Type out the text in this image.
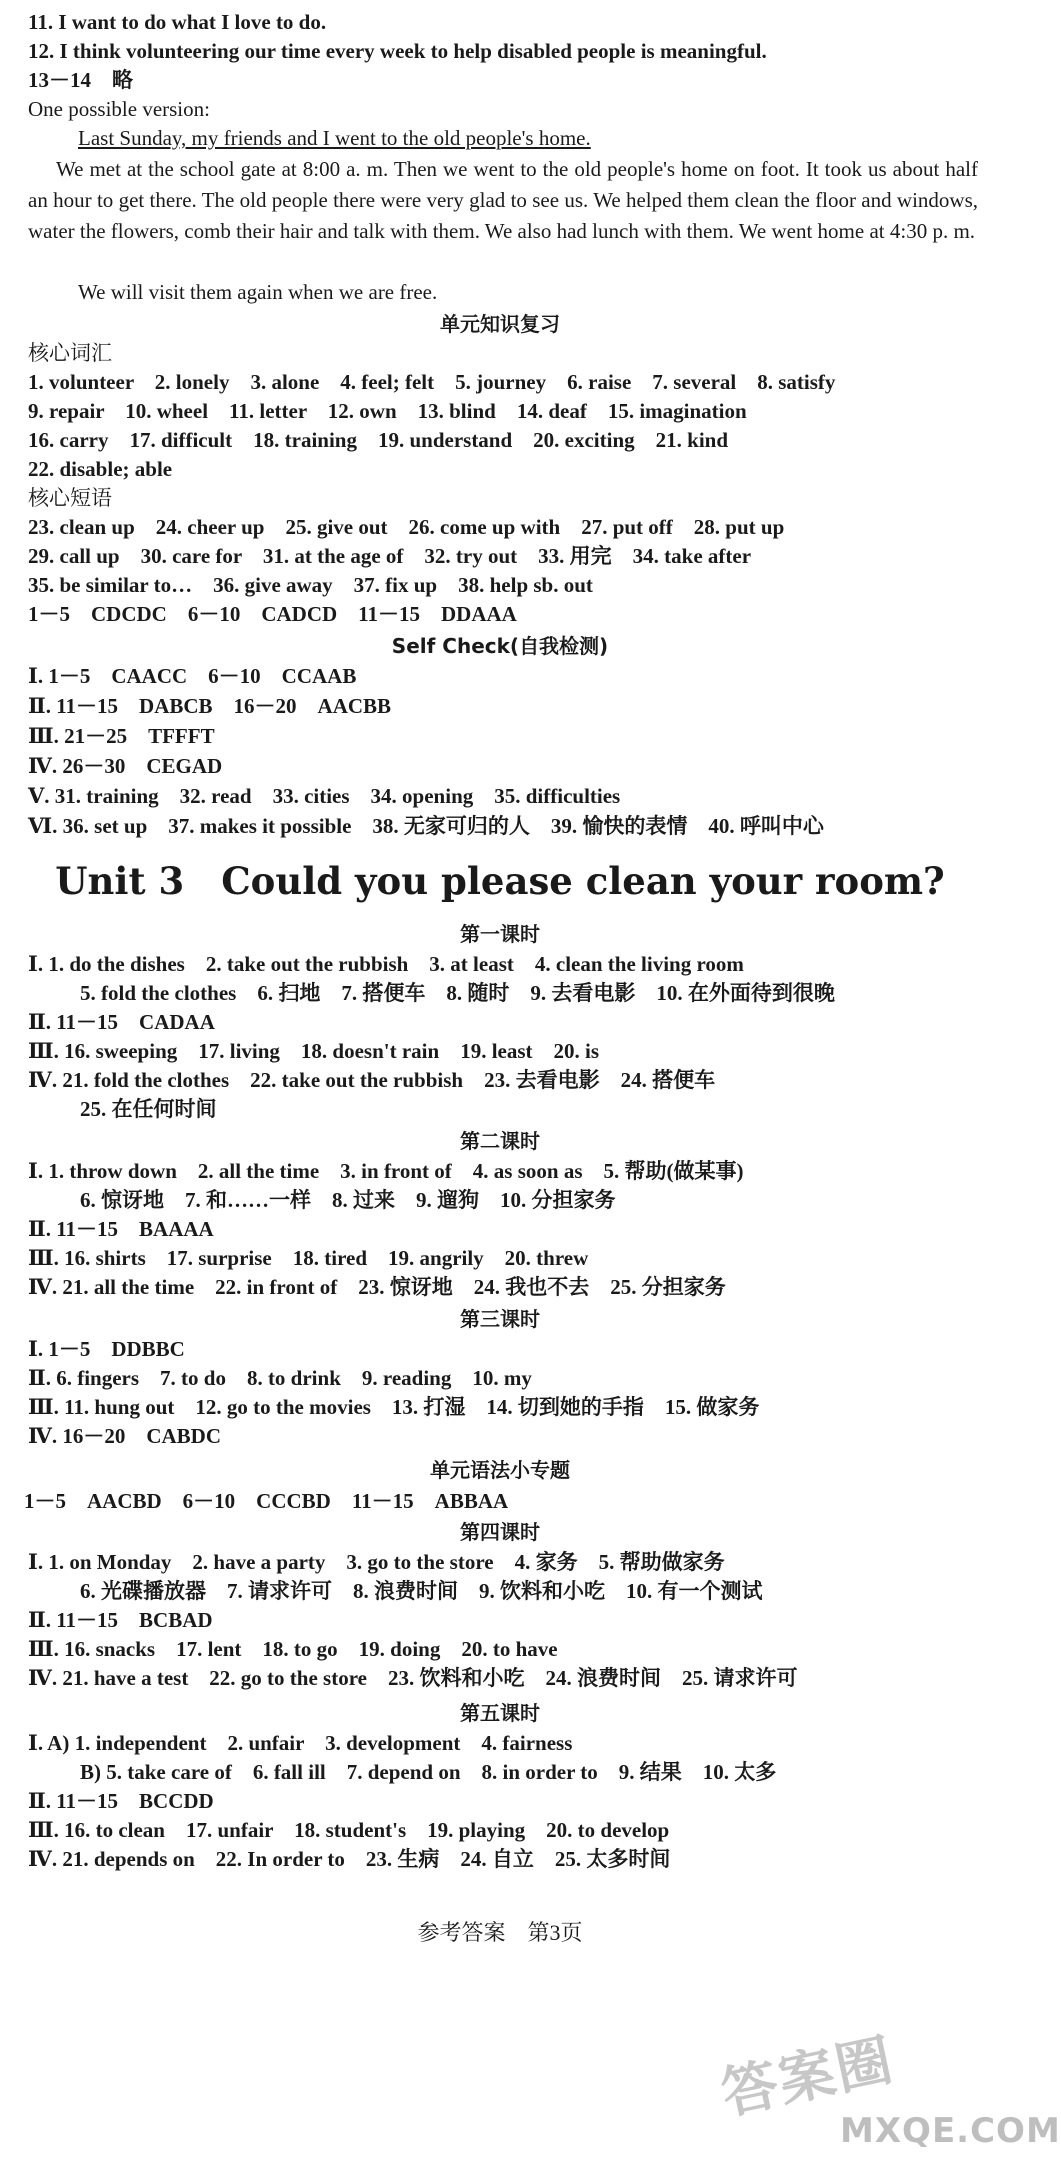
11. I want to do what I love to do.
12. I think volunteering our time every week to help disabled people is meaningful.
13－14　略
One possible version:
Last Sunday, my friends and I went to the old people's home.
We met at the school gate at 8:00 a. m. Then we went to the old people's home on foot. It took us about half an hour to get there. The old people there were very glad to see us. We helped them clean the floor and windows, water the flowers, comb their hair and talk with them. We also had lunch with them. We went home at 4:30 p. m.
We will visit them again when we are free.
单元知识复习
核心词汇
1. volunteer　2. lonely　3. alone　4. feel; felt　5. journey　6. raise　7. several　8. satisfy
9. repair　10. wheel　11. letter　12. own　13. blind　14. deaf　15. imagination
16. carry　17. difficult　18. training　19. understand　20. exciting　21. kind
22. disable; able
核心短语
23. clean up　24. cheer up　25. give out　26. come up with　27. put off　28. put up
29. call up　30. care for　31. at the age of　32. try out　33. 用完　34. take after
35. be similar to…　36. give away　37. fix up　38. help sb. out
1－5　CDCDC　6－10　CADCD　11－15　DDAAA
Self Check(自我检测)
Ⅰ. 1－5　CAACC　6－10　CCAAB
Ⅱ. 11－15　DABCB　16－20　AACBB
Ⅲ. 21－25　TFFFT
Ⅳ. 26－30　CEGAD
Ⅴ. 31. training　32. read　33. cities　34. opening　35. difficulties
Ⅵ. 36. set up　37. makes it possible　38. 无家可归的人　39. 愉快的表情　40. 呼叫中心
Unit 3　Could you please clean your room?
第一课时
Ⅰ. 1. do the dishes　2. take out the rubbish　3. at least　4. clean the living room
5. fold the clothes　6. 扫地　7. 搭便车　8. 随时　9. 去看电影　10. 在外面待到很晚
Ⅱ. 11－15　CADAA
Ⅲ. 16. sweeping　17. living　18. doesn't rain　19. least　20. is
Ⅳ. 21. fold the clothes　22. take out the rubbish　23. 去看电影　24. 搭便车
25. 在任何时间
第二课时
Ⅰ. 1. throw down　2. all the time　3. in front of　4. as soon as　5. 帮助(做某事)
6. 惊讶地　7. 和……一样　8. 过来　9. 遛狗　10. 分担家务
Ⅱ. 11－15　BAAAA
Ⅲ. 16. shirts　17. surprise　18. tired　19. angrily　20. threw
Ⅳ. 21. all the time　22. in front of　23. 惊讶地　24. 我也不去　25. 分担家务
第三课时
Ⅰ. 1－5　DDBBC
Ⅱ. 6. fingers　7. to do　8. to drink　9. reading　10. my
Ⅲ. 11. hung out　12. go to the movies　13. 打湿　14. 切到她的手指　15. 做家务
Ⅳ. 16－20　CABDC
单元语法小专题
1－5　AACBD　6－10　CCCBD　11－15　ABBAA
第四课时
Ⅰ. 1. on Monday　2. have a party　3. go to the store　4. 家务　5. 帮助做家务
6. 光碟播放器　7. 请求许可　8. 浪费时间　9. 饮料和小吃　10. 有一个测试
Ⅱ. 11－15　BCBAD
Ⅲ. 16. snacks　17. lent　18. to go　19. doing　20. to have
Ⅳ. 21. have a test　22. go to the store　23. 饮料和小吃　24. 浪费时间　25. 请求许可
第五课时
Ⅰ. A) 1. independent　2. unfair　3. development　4. fairness
B) 5. take care of　6. fall ill　7. depend on　8. in order to　9. 结果　10. 太多
Ⅱ. 11－15　BCCDD
Ⅲ. 16. to clean　17. unfair　18. student's　19. playing　20. to develop
Ⅳ. 21. depends on　22. In order to　23. 生病　24. 自立　25. 太多时间
参考答案　第3页
答案圈
MXQE.COM
